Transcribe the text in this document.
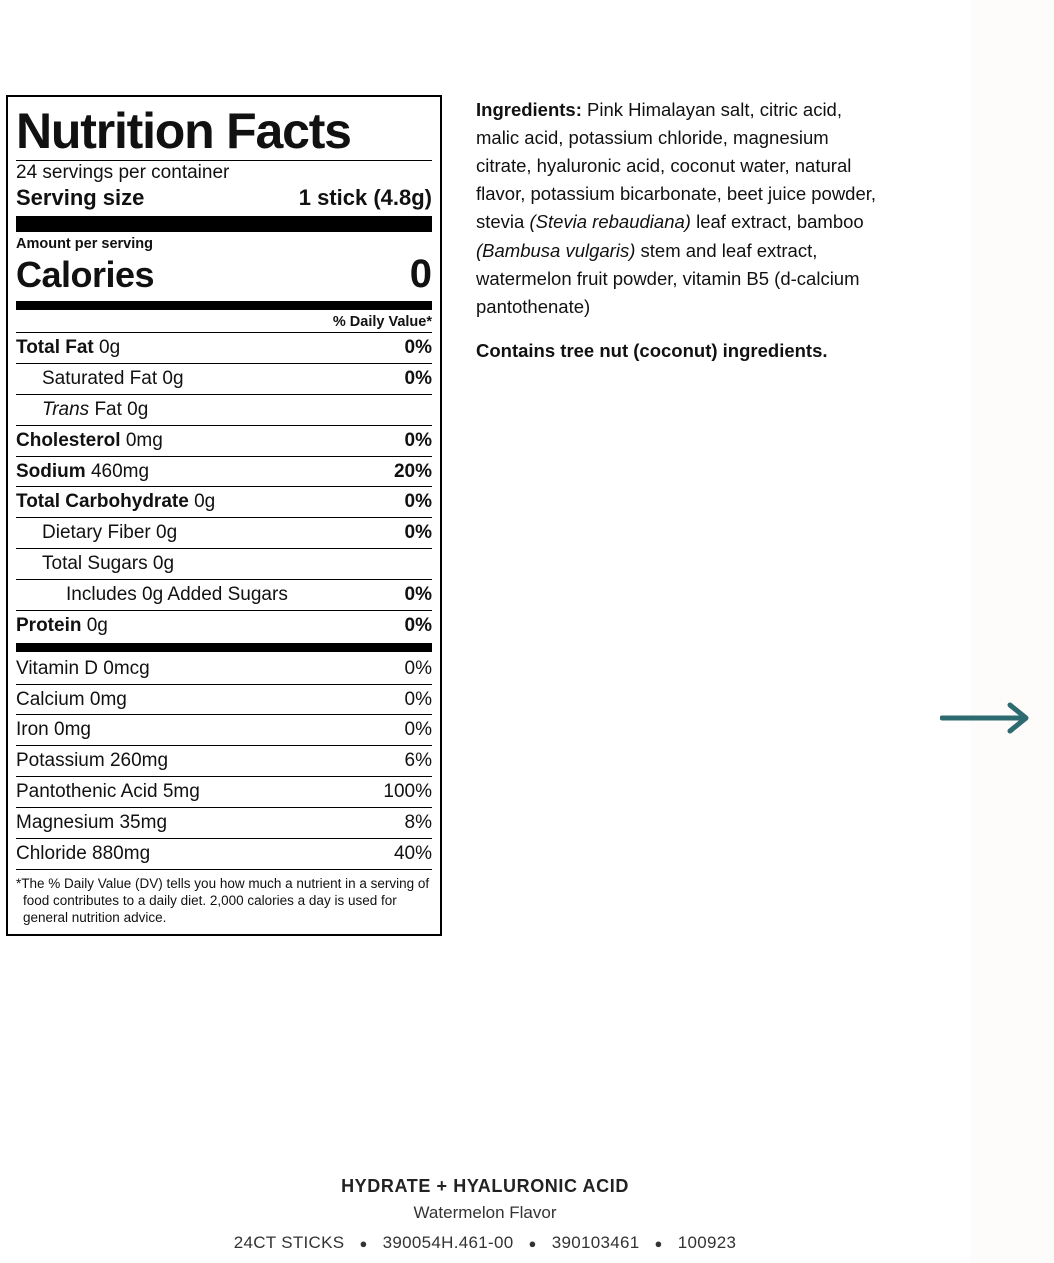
Nutrition Facts
24 servings per container
Serving size	1 stick (4.8g)
Amount per serving
Calories	0
% Daily Value*
Total Fat 0g	0%
Saturated Fat 0g	0%
Trans Fat 0g
Cholesterol 0mg	0%
Sodium 460mg	20%
Total Carbohydrate 0g	0%
Dietary Fiber 0g	0%
Total Sugars 0g
Includes 0g Added Sugars	0%
Protein 0g	0%
Vitamin D 0mcg	0%
Calcium 0mg	0%
Iron 0mg	0%
Potassium 260mg	6%
Pantothenic Acid 5mg	100%
Magnesium 35mg	8%
Chloride 880mg	40%
*The % Daily Value (DV) tells you how much a nutrient in a serving of food contributes to a daily diet. 2,000 calories a day is used for general nutrition advice.
Ingredients: Pink Himalayan salt, citric acid, malic acid, potassium chloride, magnesium citrate, hyaluronic acid, coconut water, natural flavor, potassium bicarbonate, beet juice powder, stevia (Stevia rebaudiana) leaf extract, bamboo (Bambusa vulgaris) stem and leaf extract, watermelon fruit powder, vitamin B5 (d-calcium pantothenate)
Contains tree nut (coconut) ingredients.
HYDRATE + HYALURONIC ACID
Watermelon Flavor
24CT STICKS ● 390054H.461-00 ● 390103461 ● 100923
